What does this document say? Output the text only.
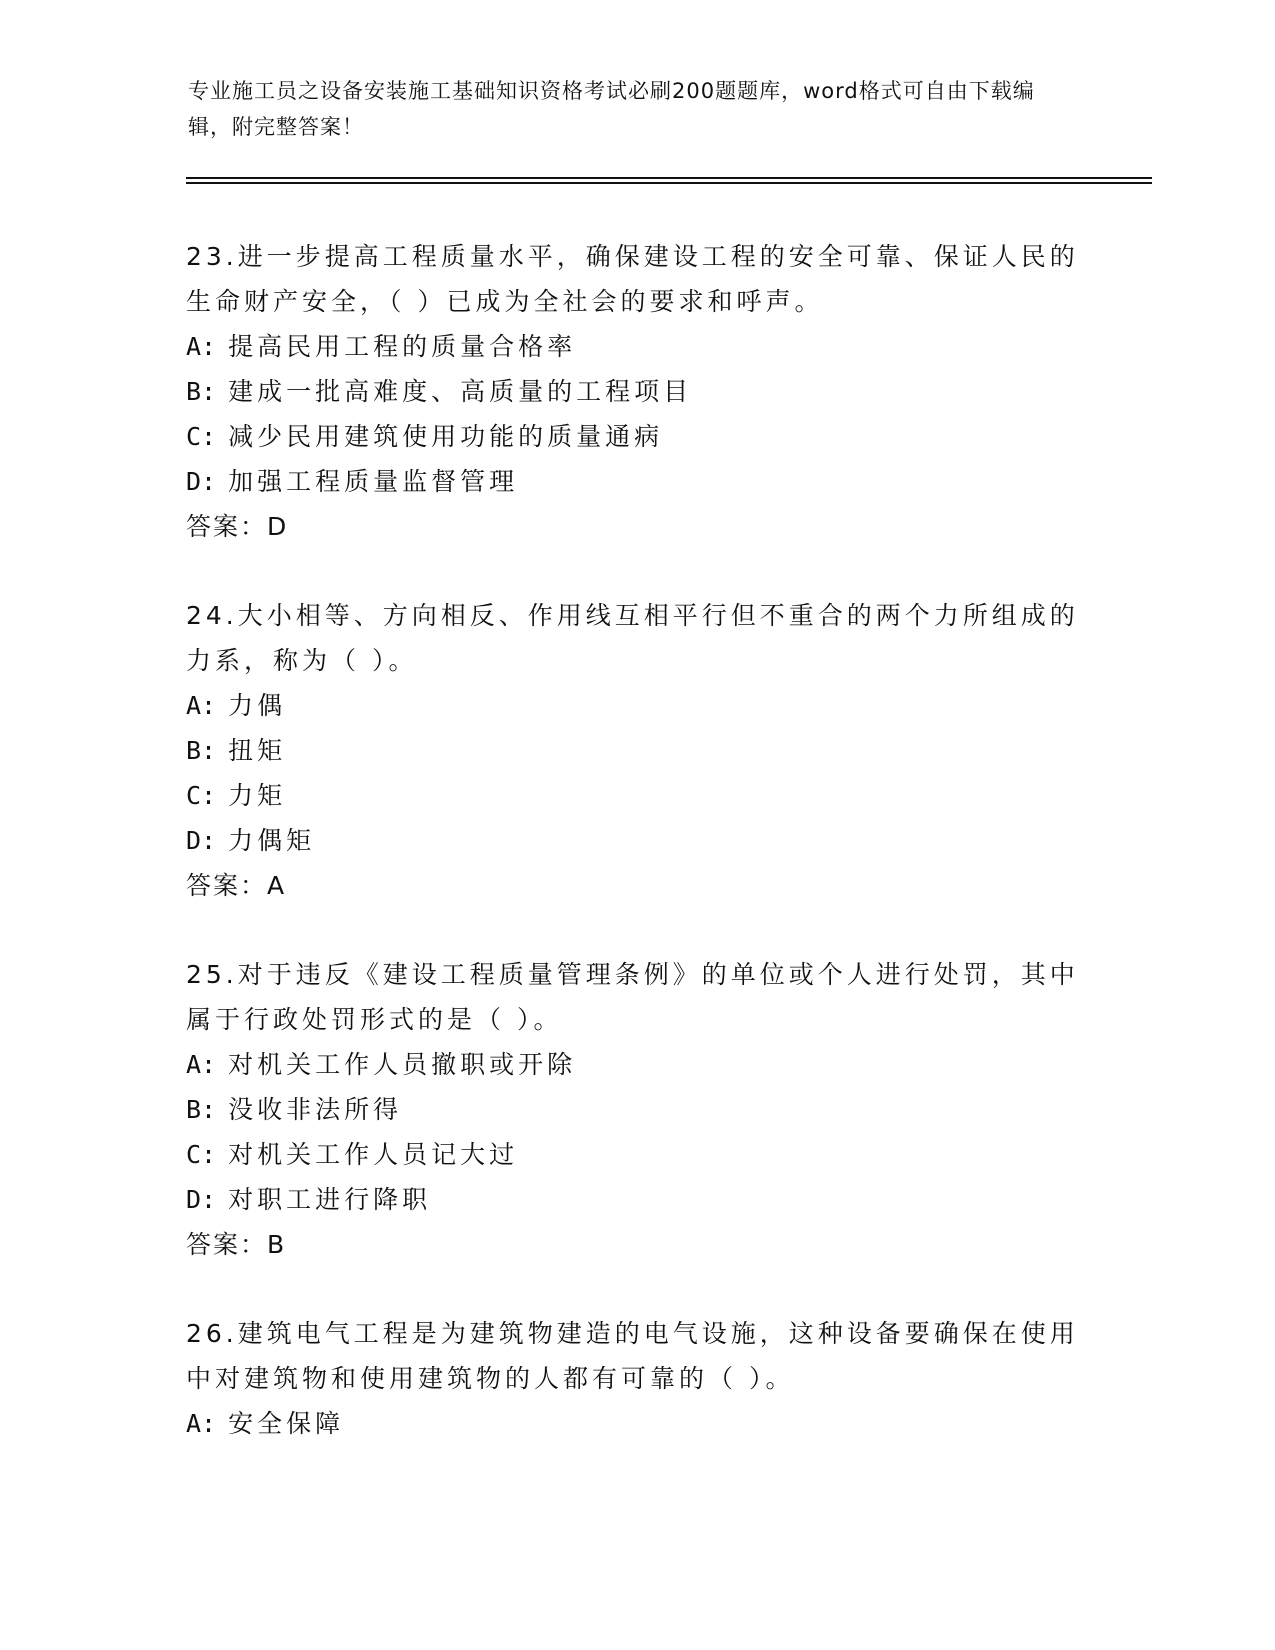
专业施工员之设备安装施工基础知识资格考试必刷200题题库，word格式可自由下载编辑，附完整答案！
23.进一步提高工程质量水平，确保建设工程的安全可靠、保证人民的生命财产安全，（ ）已成为全社会的要求和呼声。
A: 提高民用工程的质量合格率
B: 建成一批高难度、高质量的工程项目
C: 减少民用建筑使用功能的质量通病
D: 加强工程质量监督管理
答案：D
24.大小相等、方向相反、作用线互相平行但不重合的两个力所组成的力系，称为（ ）。
A: 力偶
B: 扭矩
C: 力矩
D: 力偶矩
答案：A
25.对于违反《建设工程质量管理条例》的单位或个人进行处罚，其中属于行政处罚形式的是（ ）。
A: 对机关工作人员撤职或开除
B: 没收非法所得
C: 对机关工作人员记大过
D: 对职工进行降职
答案：B
26.建筑电气工程是为建筑物建造的电气设施，这种设备要确保在使用中对建筑物和使用建筑物的人都有可靠的（ ）。
A: 安全保障
